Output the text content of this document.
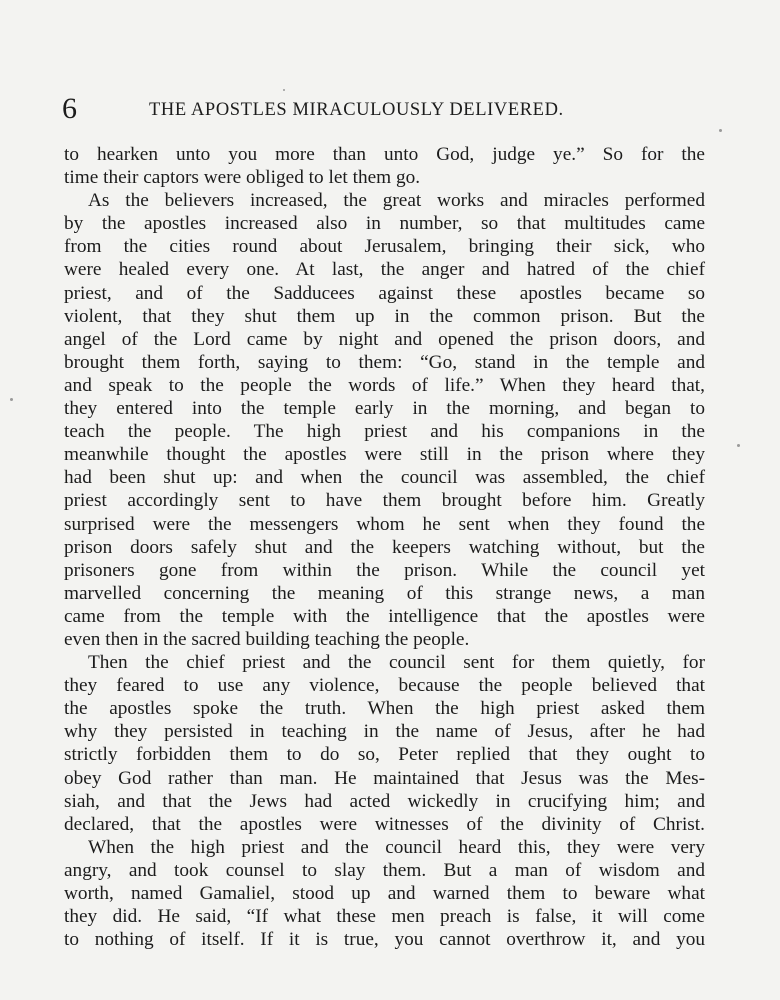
6	THE APOSTLES MIRACULOUSLY DELIVERED.
to hearken unto you more than unto God, judge ye.” So for the
time their captors were obliged to let them go.
As the believers increased, the great works and miracles performed
by the apostles increased also in number, so that multitudes came
from the cities round about Jerusalem, bringing their sick, who
were healed every one. At last, the anger and hatred of the chief
priest, and of the Sadducees against these apostles became so
violent, that they shut them up in the common prison. But the
angel of the Lord came by night and opened the prison doors, and
brought them forth, saying to them: “Go, stand in the temple and
and speak to the people the words of life.” When they heard that,
they entered into the temple early in the morning, and began to
teach the people. The high priest and his companions in the
meanwhile thought the apostles were still in the prison where they
had been shut up: and when the council was assembled, the chief
priest accordingly sent to have them brought before him. Greatly
surprised were the messengers whom he sent when they found the
prison doors safely shut and the keepers watching without, but the
prisoners gone from within the prison. While the council yet
marvelled concerning the meaning of this strange news, a man
came from the temple with the intelligence that the apostles were
even then in the sacred building teaching the people.
Then the chief priest and the council sent for them quietly, for
they feared to use any violence, because the people believed that
the apostles spoke the truth. When the high priest asked them
why they persisted in teaching in the name of Jesus, after he had
strictly forbidden them to do so, Peter replied that they ought to
obey God rather than man. He maintained that Jesus was the Mes-
siah, and that the Jews had acted wickedly in crucifying him; and
declared, that the apostles were witnesses of the divinity of Christ.
When the high priest and the council heard this, they were very
angry, and took counsel to slay them. But a man of wisdom and
worth, named Gamaliel, stood up and warned them to beware what
they did. He said, “If what these men preach is false, it will come
to nothing of itself. If it is true, you cannot overthrow it, and you
